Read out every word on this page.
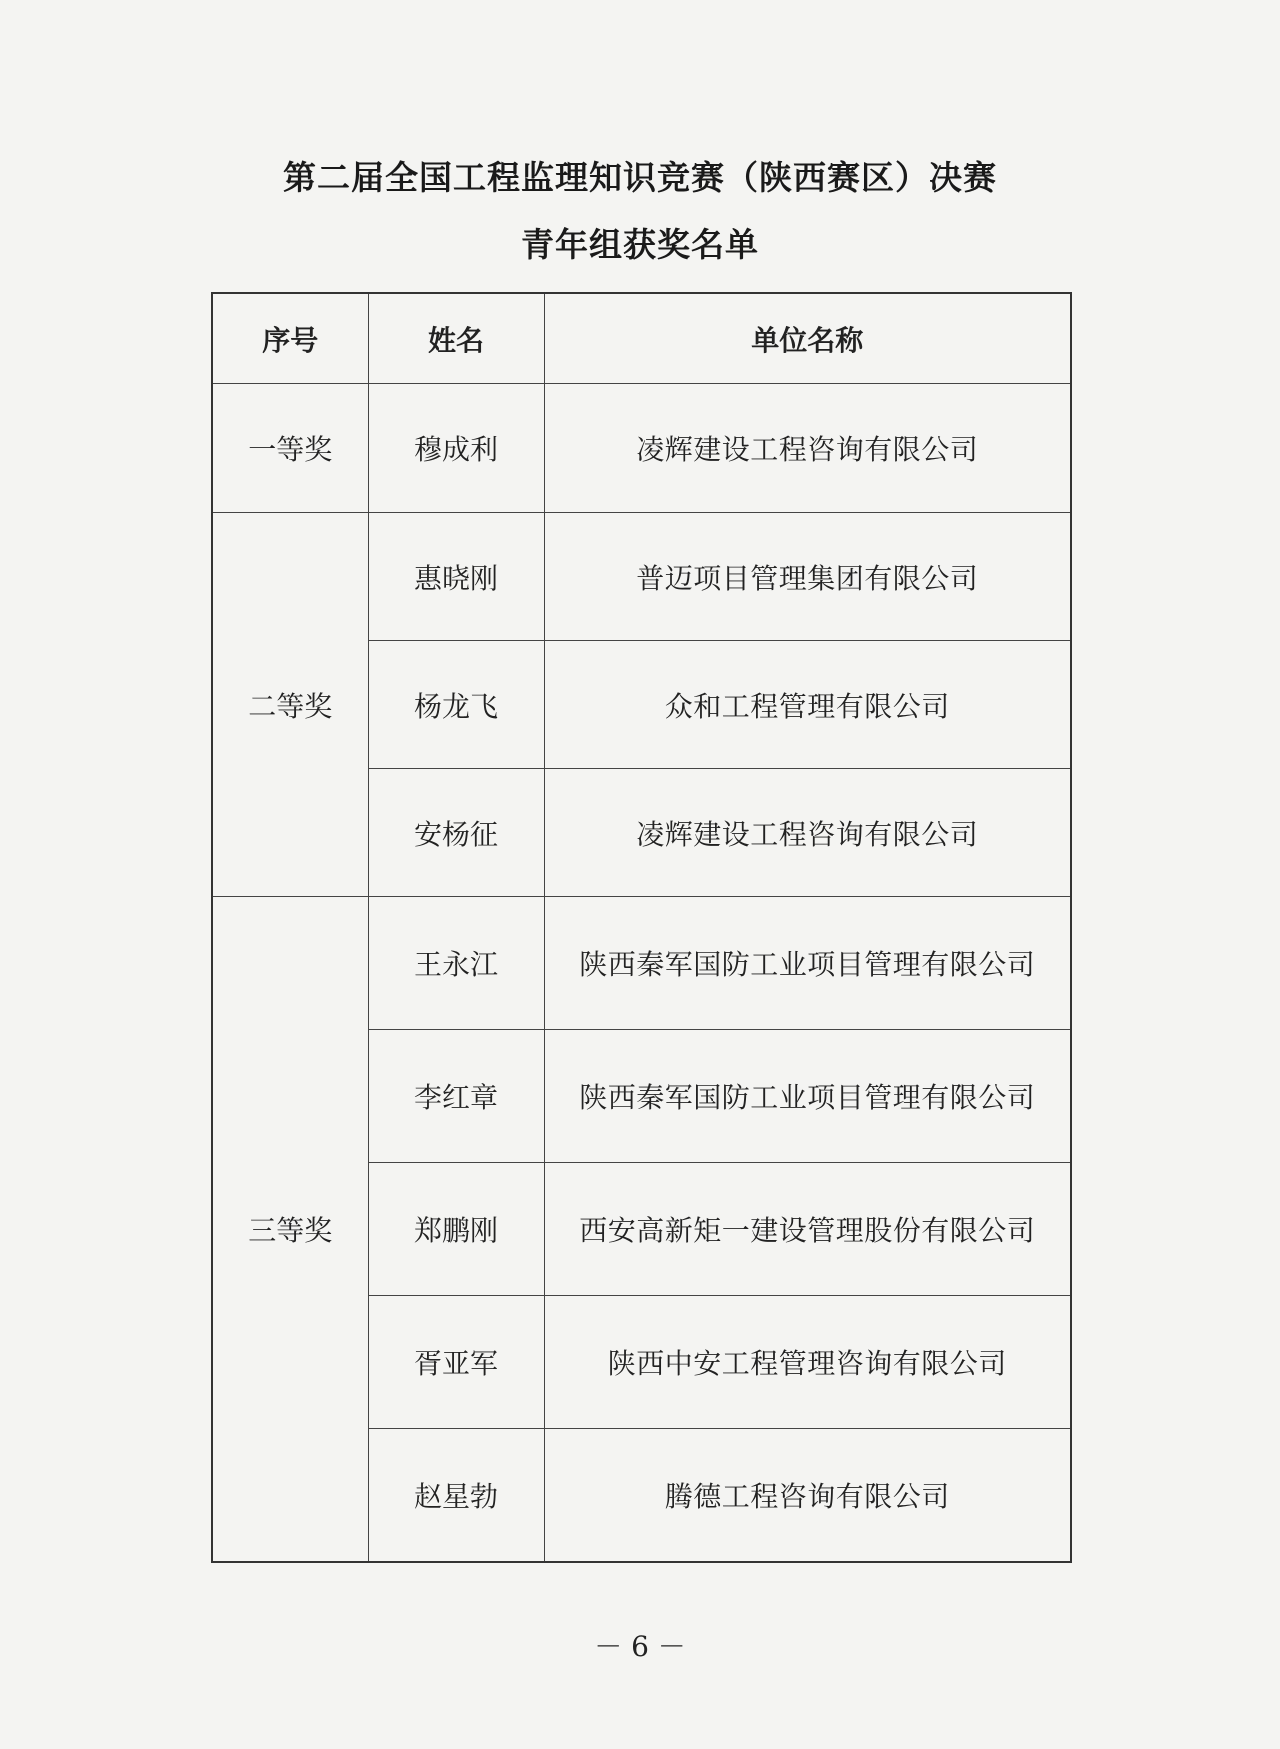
第二届全国工程监理知识竞赛（陕西赛区）决赛
青年组获奖名单
序号	姓名	单位名称
一等奖	穆成利	凌辉建设工程咨询有限公司
二等奖	惠晓刚	普迈项目管理集团有限公司
	杨龙飞	众和工程管理有限公司
	安杨征	凌辉建设工程咨询有限公司
三等奖	王永江	陕西秦军国防工业项目管理有限公司
	李红章	陕西秦军国防工业项目管理有限公司
	郑鹏刚	西安高新矩一建设管理股份有限公司
	胥亚军	陕西中安工程管理咨询有限公司
	赵星勃	腾德工程咨询有限公司
－ 6 －
